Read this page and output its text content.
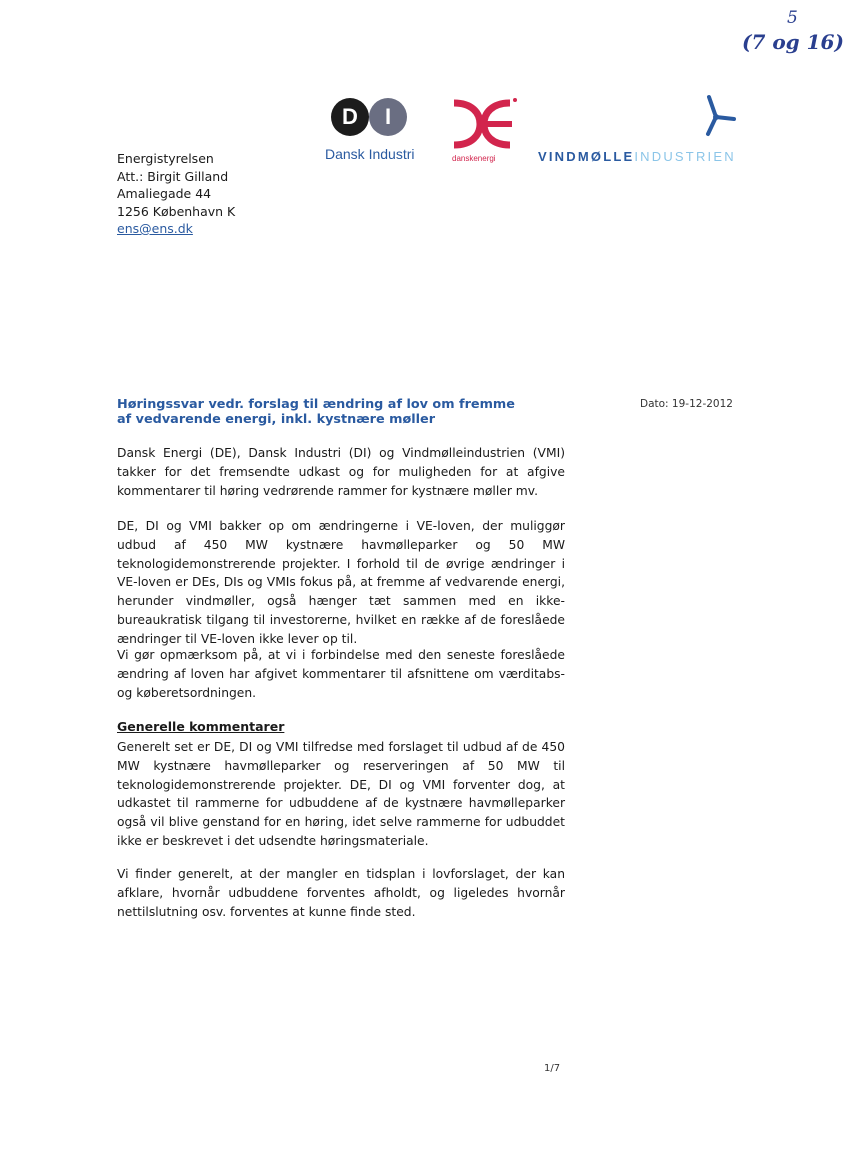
5
(7 og 16)
D	I
Dansk Industri	danskenergi	VINDMØLLEINDUSTRIEN
Energistyrelsen
Att.: Birgit Gilland
Amaliegade 44
1256 København K
ens@ens.dk
Høringssvar vedr. forslag til ændring af lov om fremme af vedvarende energi, inkl. kystnære møller
Dato: 19-12-2012
Dansk Energi (DE), Dansk Industri (DI) og Vindmølleindustrien (VMI) takker for det fremsendte udkast og for muligheden for at afgive kommentarer til høring vedrørende rammer for kystnære møller mv.
DE, DI og VMI bakker op om ændringerne i VE-loven, der muliggør udbud af 450 MW kystnære havmølleparker og 50 MW teknologidemonstrerende projekter. I forhold til de øvrige ændringer i VE-loven er DEs, DIs og VMIs fokus på, at fremme af vedvarende energi, herunder vindmøller, også hænger tæt sammen med en ikke-bureaukratisk tilgang til investorerne, hvilket en række af de foreslåede ændringer til VE-loven ikke lever op til.
Vi gør opmærksom på, at vi i forbindelse med den seneste foreslåede ændring af loven har afgivet kommentarer til afsnittene om værditabs- og køberetsordningen.
Generelle kommentarer
Generelt set er DE, DI og VMI tilfredse med forslaget til udbud af de 450 MW kystnære havmølleparker og reserveringen af 50 MW til teknologidemonstrerende projekter. DE, DI og VMI forventer dog, at udkastet til rammerne for udbuddene af de kystnære havmølleparker også vil blive genstand for en høring, idet selve rammerne for udbuddet ikke er beskrevet i det udsendte høringsmateriale.
Vi finder generelt, at der mangler en tidsplan i lovforslaget, der kan afklare, hvornår udbuddene forventes afholdt, og ligeledes hvornår nettilslutning osv. forventes at kunne finde sted.
1/7
